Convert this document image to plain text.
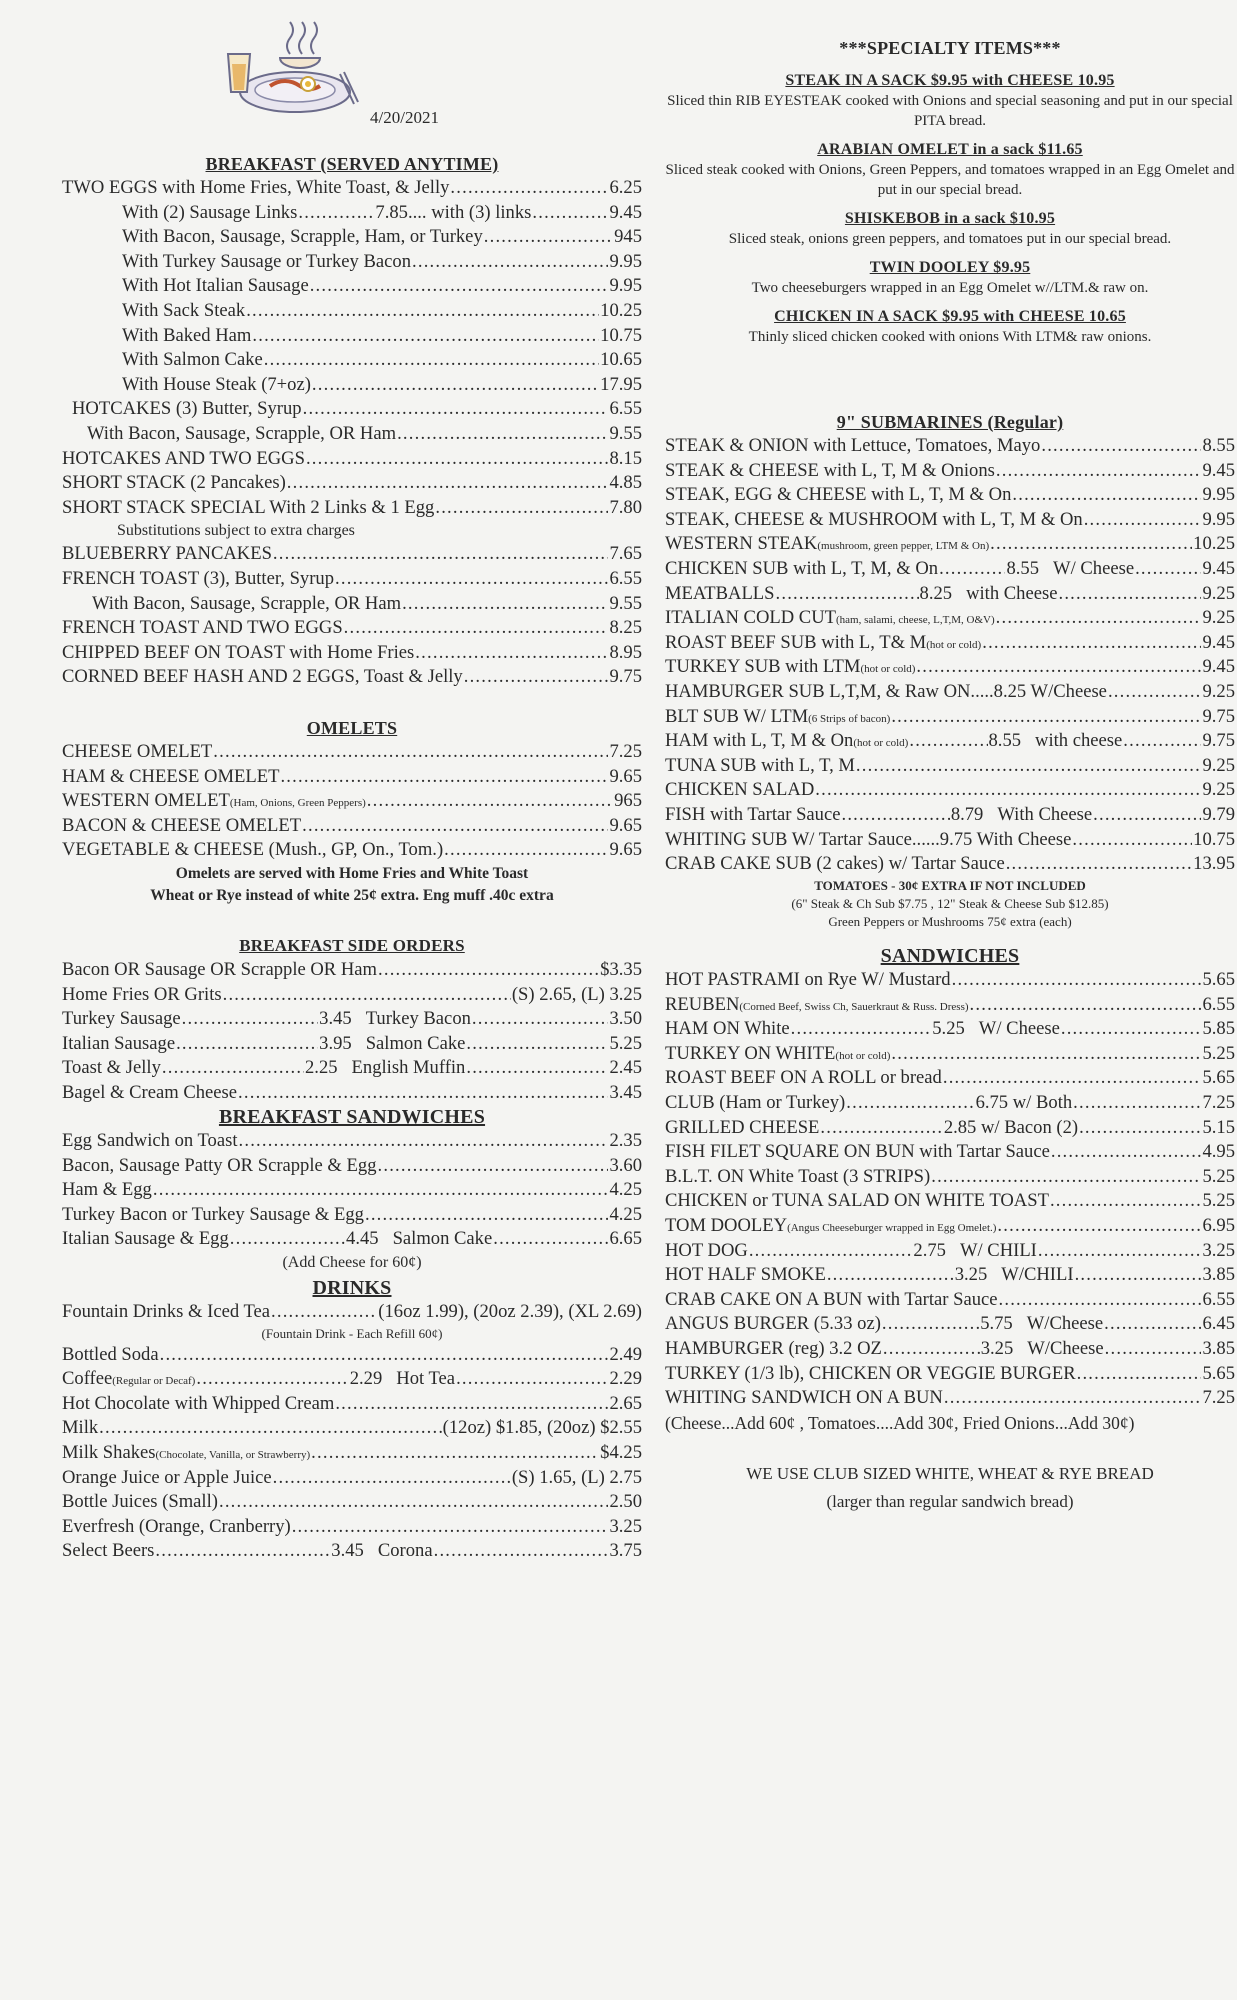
4/20/2021
BREAKFAST (SERVED ANYTIME)
TWO EGGS with Home Fries, White Toast, & Jelly .....	6.25
With (2) Sausage Links .....	7.85.... with (3) links .....	9.45
With Bacon, Sausage, Scrapple, Ham, or Turkey .....	945
With Turkey Sausage or Turkey Bacon .....	9.95
With Hot Italian Sausage .....	9.95
With Sack Steak .....	10.25
With Baked Ham .....	10.75
With Salmon Cake .....	10.65
With House Steak (7+oz) .....	17.95
HOTCAKES (3) Butter, Syrup .....	6.55
With Bacon, Sausage, Scrapple, OR Ham .....	9.55
HOTCAKES AND TWO EGGS .....	8.15
SHORT STACK (2 Pancakes) .....	4.85
SHORT STACK SPECIAL With 2 Links & 1 Egg .....	7.80
Substitutions subject to extra charges
BLUEBERRY PANCAKES .....	7.65
FRENCH TOAST (3), Butter, Syrup .....	6.55
With Bacon, Sausage, Scrapple, OR Ham .....	9.55
FRENCH TOAST AND TWO EGGS .....	8.25
CHIPPED BEEF ON TOAST with Home Fries .....	8.95
CORNED BEEF HASH AND 2 EGGS, Toast & Jelly .....	9.75
OMELETS
CHEESE OMELET .....	7.25
HAM & CHEESE OMELET .....	9.65
WESTERN OMELET (Ham, Onions, Green Peppers) .....	965
BACON & CHEESE OMELET .....	9.65
VEGETABLE & CHEESE (Mush., GP, On., Tom.) .....	9.65
Omelets are served with Home Fries and White Toast
Wheat or Rye instead of white 25¢ extra. Eng muff .40c extra
BREAKFAST SIDE ORDERS
Bacon OR Sausage OR Scrapple OR Ham .....	$3.35
Home Fries OR Grits .....	(S) 2.65, (L) 3.25
Turkey Sausage .....	3.45 Turkey Bacon .....	3.50
Italian Sausage .....	3.95 Salmon Cake .....	5.25
Toast & Jelly .....	2.25 English Muffin .....	2.45
Bagel & Cream Cheese .....	3.45
BREAKFAST SANDWICHES
Egg Sandwich on Toast .....	2.35
Bacon, Sausage Patty OR Scrapple & Egg .....	3.60
Ham & Egg .....	4.25
Turkey Bacon or Turkey Sausage & Egg .....	4.25
Italian Sausage & Egg .....	4.45 Salmon Cake .....	6.65
(Add Cheese for 60¢)
DRINKS
Fountain Drinks & Iced Tea .....	(16oz 1.99), (20oz 2.39), (XL 2.69)
(Fountain Drink - Each Refill 60¢)
Bottled Soda .....	2.49
Coffee (Regular or Decaf) .....	2.29 Hot Tea .....	2.29
Hot Chocolate with Whipped Cream .....	2.65
Milk .....	(12oz) $1.85, (20oz) $2.55
Milk Shakes (Chocolate, Vanilla, or Strawberry) .....	$4.25
Orange Juice or Apple Juice .....	(S) 1.65, (L) 2.75
Bottle Juices (Small) .....	2.50
Everfresh (Orange, Cranberry) .....	3.25
Select Beers .....	3.45 Corona .....	3.75
***SPECIALTY ITEMS***
STEAK IN A SACK $9.95 with CHEESE 10.95
Sliced thin RIB EYESTEAK cooked with Onions and special seasoning and put in our special PITA bread.
ARABIAN OMELET in a sack $11.65
Sliced steak cooked with Onions, Green Peppers, and tomatoes wrapped in an Egg Omelet and put in our special bread.
SHISKEBOB in a sack $10.95
Sliced steak, onions green peppers, and tomatoes put in our special bread.
TWIN DOOLEY $9.95
Two cheeseburgers wrapped in an Egg Omelet w//LTM.& raw on.
CHICKEN IN A SACK $9.95 with CHEESE 10.65
Thinly sliced chicken cooked with onions With LTM& raw onions.
9" SUBMARINES (Regular)
STEAK & ONION with Lettuce, Tomatoes, Mayo .....	8.55
STEAK & CHEESE with L, T, M & Onions .....	9.45
STEAK, EGG & CHEESE with L, T, M & On .....	9.95
STEAK, CHEESE & MUSHROOM with L, T, M & On .....	9.95
WESTERN STEAK (mushroom, green pepper, LTM & On) .....	10.25
CHICKEN SUB with L, T, M, & On .....	8.55 W/ Cheese .....	9.45
MEATBALLS .....	8.25 with Cheese .....	9.25
ITALIAN COLD CUT (ham, salami, cheese, L,T,M, O&V) .....	9.25
ROAST BEEF SUB with L, T& M (hot or cold) .....	9.45
TURKEY SUB with LTM (hot or cold) .....	9.45
HAMBURGER SUB L,T,M, & Raw ON.....8.25 W/Cheese .....	9.25
BLT SUB W/ LTM (6 Strips of bacon) .....	9.75
HAM with L, T, M & On (hot or cold) .....	8.55 with cheese .....	9.75
TUNA SUB with L, T, M .....	9.25
CHICKEN SALAD .....	9.25
FISH with Tartar Sauce .....	8.79 With Cheese .....	9.79
WHITING SUB W/ Tartar Sauce......9.75 With Cheese .....	10.75
CRAB CAKE SUB (2 cakes) w/ Tartar Sauce .....	13.95
TOMATOES - 30¢ EXTRA IF NOT INCLUDED
(6" Steak & Ch Sub $7.75 , 12" Steak & Cheese Sub $12.85)
Green Peppers or Mushrooms 75¢ extra (each)
SANDWICHES
HOT PASTRAMI on Rye W/ Mustard .....	5.65
REUBEN (Corned Beef, Swiss Ch, Sauerkraut & Russ. Dress) .....	6.55
HAM ON White .....	5.25 W/ Cheese .....	5.85
TURKEY ON WHITE (hot or cold) .....	5.25
ROAST BEEF ON A ROLL or bread .....	5.65
CLUB (Ham or Turkey) .....	6.75 w/ Both .....	7.25
GRILLED CHEESE .....	2.85 w/ Bacon (2) .....	5.15
FISH FILET SQUARE ON BUN with Tartar Sauce .....	4.95
B.L.T. ON White Toast (3 STRIPS) .....	5.25
CHICKEN or TUNA SALAD ON WHITE TOAST .....	5.25
TOM DOOLEY (Angus Cheeseburger wrapped in Egg Omelet.) .....	6.95
HOT DOG .....	2.75 W/ CHILI .....	3.25
HOT HALF SMOKE .....	3.25 W/CHILI .....	3.85
CRAB CAKE ON A BUN with Tartar Sauce .....	6.55
ANGUS BURGER (5.33 oz) .....	5.75 W/Cheese .....	6.45
HAMBURGER (reg) 3.2 OZ .....	3.25 W/Cheese .....	3.85
TURKEY (1/3 lb), CHICKEN OR VEGGIE BURGER .....	5.65
WHITING SANDWICH ON A BUN .....	7.25
(Cheese...Add 60¢ , Tomatoes....Add 30¢, Fried Onions...Add 30¢)
WE USE CLUB SIZED WHITE, WHEAT & RYE BREAD
(larger than regular sandwich bread)
